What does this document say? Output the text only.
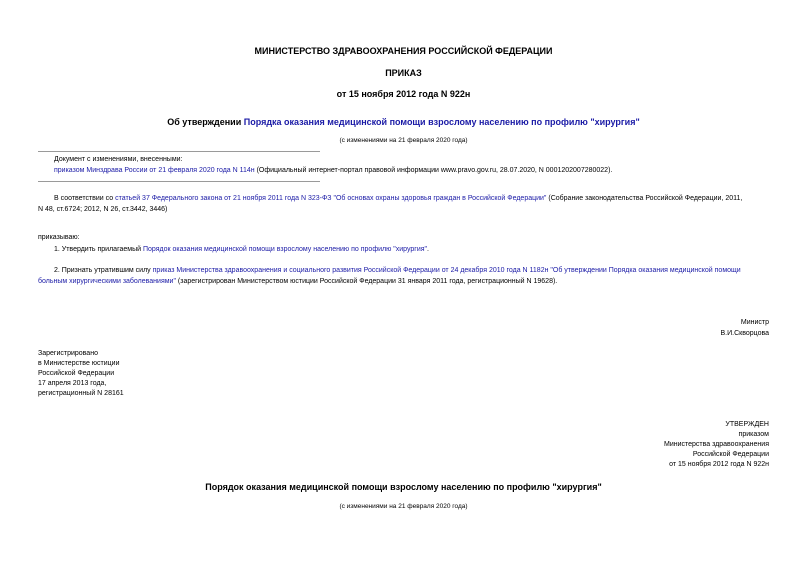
МИНИСТЕРСТВО ЗДРАВООХРАНЕНИЯ РОССИЙСКОЙ ФЕДЕРАЦИИ
ПРИКАЗ
от 15 ноября 2012 года N 922н
Об утверждении Порядка оказания медицинской помощи взрослому населению по профилю "хирургия"
(с изменениями на 21 февраля 2020 года)
Документ с изменениями, внесенными:
приказом Минздрава России от 21 февраля 2020 года N 114н (Официальный интернет-портал правовой информации www.pravo.gov.ru, 28.07.2020, N 0001202007280022).
В соответствии со статьей 37 Федерального закона от 21 ноября 2011 года N 323-ФЗ "Об основах охраны здоровья граждан в Российской Федерации" (Собрание законодательства Российской Федерации, 2011,
N 48, ст.6724; 2012, N 26, ст.3442, 3446)
приказываю:
1. Утвердить прилагаемый Порядок оказания медицинской помощи взрослому населению по профилю "хирургия".
2. Признать утратившим силу приказ Министерства здравоохранения и социального развития Российской Федерации от 24 декабря 2010 года N 1182н "Об утверждении Порядка оказания медицинской помощи
больным хирургическими заболеваниями" (зарегистрирован Министерством юстиции Российской Федерации 31 января 2011 года, регистрационный N 19628).
Министр
В.И.Скворцова
Зарегистрировано
в Министерстве юстиции
Российской Федерации
17 апреля 2013 года,
регистрационный N 28161
УТВЕРЖДЕН
приказом
Министерства здравоохранения
Российской Федерации
от 15 ноября 2012 года N 922н
Порядок оказания медицинской помощи взрослому населению по профилю "хирургия"
(с изменениями на 21 февраля 2020 года)
